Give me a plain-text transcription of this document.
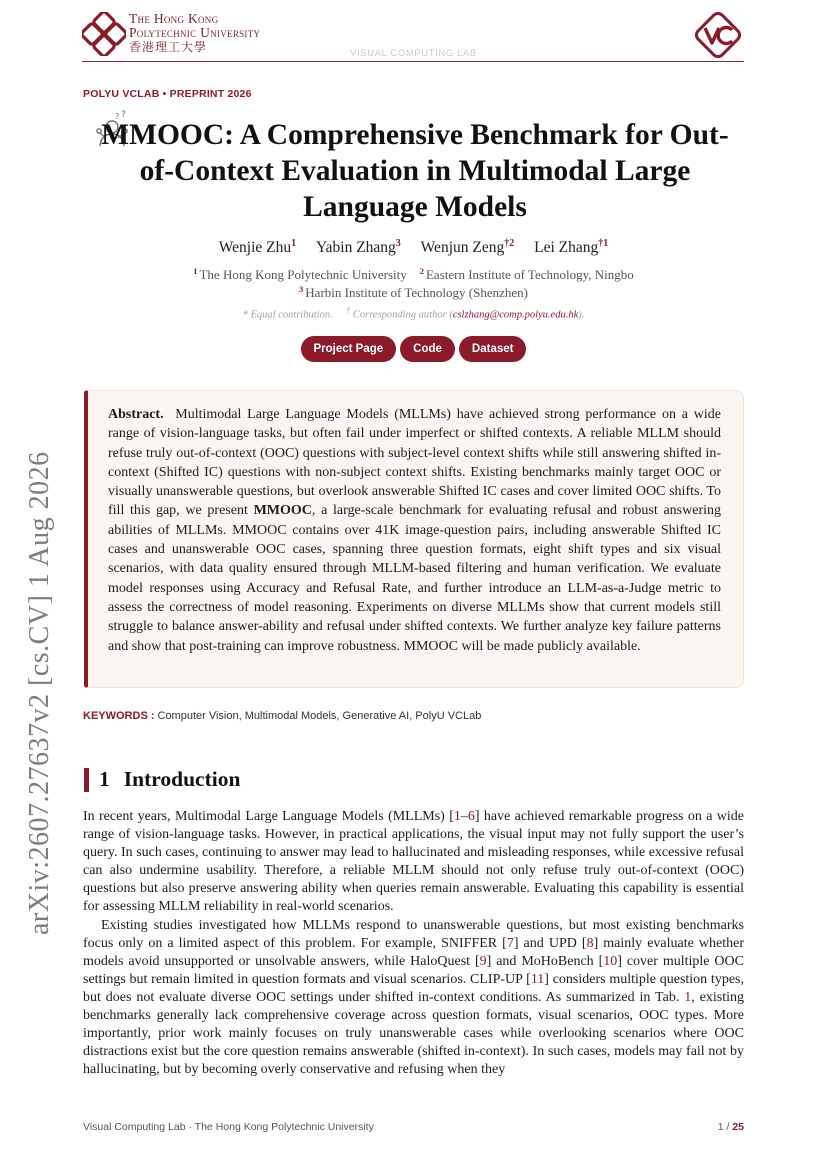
The Hong Kong
Polytechnic University
香港理工大學	VISUAL COMPUTING LAB
POLYU VCLAB • PREPRINT 2026
? ?
MMOOC: A Comprehensive Benchmark for Out-of-Context Evaluation in Multimodal Large Language Models
Wenjie Zhu$^1$ Yabin Zhang$^3$ Wenjun Zeng$^{\dagger 2}$ Lei Zhang$^{\dagger 1}$
$^1$ The Hong Kong Polytechnic University $^2$ Eastern Institute of Technology, Ningbo
$^3$ Harbin Institute of Technology (Shenzhen)
* Equal contribution. † Corresponding author (cslzhang@comp.polyu.edu.hk).
Project Page	Code	Dataset

Abstract. Multimodal Large Language Models (MLLMs) have achieved strong performance on a wide range of vision-language tasks, but often fail under imperfect or shifted contexts. A reliable MLLM should refuse truly out-of-context (OOC) questions with subject-level context shifts while still answering shifted in-context (Shifted IC) questions with non-subject context shifts. Existing benchmarks mainly target OOC or visually unanswerable questions, but overlook answerable Shifted IC cases and cover limited OOC shifts. To fill this gap, we present MMOOC, a large-scale benchmark for evaluating refusal and robust answering abilities of MLLMs. MMOOC contains over 41K image-question pairs, including answerable Shifted IC cases and unanswerable OOC cases, spanning three question formats, eight shift types and six visual scenarios, with data quality ensured through MLLM-based filtering and human verification. We evaluate model responses using Accuracy and Refusal Rate, and further introduce an LLM-as-a-Judge metric to assess the correctness of model reasoning. Experiments on diverse MLLMs show that current models still struggle to balance answer-ability and refusal under shifted contexts. We further analyze key failure patterns and show that post-training can improve robustness. MMOOC will be made publicly available.

KEYWORDS : Computer Vision, Multimodal Models, Generative AI, PolyU VCLab
1 Introduction

In recent years, Multimodal Large Language Models (MLLMs) [1–6] have achieved remarkable progress on a wide range of vision-language tasks. However, in practical applications, the visual input may not fully support the user’s query. In such cases, continuing to answer may lead to hallucinated and misleading responses, while excessive refusal can also undermine usability. Therefore, a reliable MLLM should not only refuse truly out-of-context (OOC) questions but also preserve answering ability when queries remain answerable. Evaluating this capability is essential for assessing MLLM reliability in real-world scenarios.

Existing studies investigated how MLLMs respond to unanswerable questions, but most existing benchmarks focus only on a limited aspect of this problem. For example, SNIFFER [7] and UPD [8] mainly evaluate whether models avoid unsupported or unsolvable answers, while HaloQuest [9] and MoHoBench [10] cover multiple OOC settings but remain limited in question formats and visual scenarios. CLIP-UP [11] considers multiple question types, but does not evaluate diverse OOC settings under shifted in-context conditions. As summarized in Tab. 1, existing benchmarks generally lack comprehensive coverage across question formats, visual scenarios, OOC types. More importantly, prior work mainly focuses on truly unanswerable cases while overlooking scenarios where OOC distractions exist but the core question remains answerable (shifted in-context). In such cases, models may fail not by hallucinating, but by becoming overly conservative and refusing when they

arXiv:2607.27637v2 [cs.CV] 1 Aug 2026
Visual Computing Lab · The Hong Kong Polytechnic University	1 / 25
